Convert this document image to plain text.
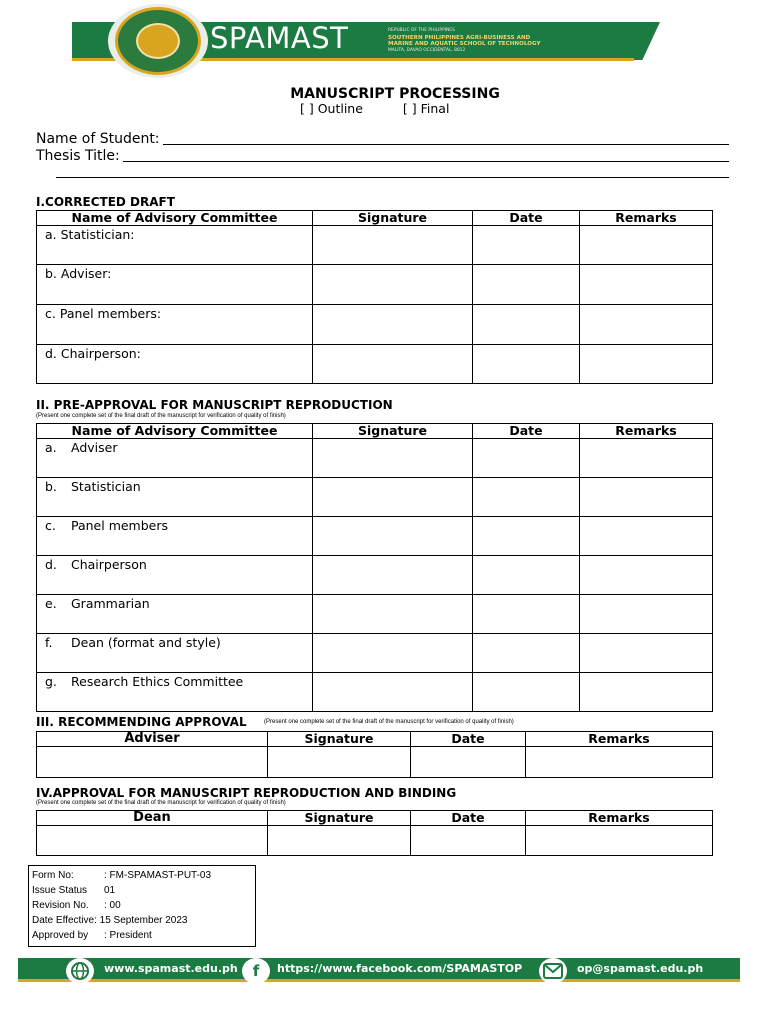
SPAMAST	REPUBLIC OF THE PHILIPPINES
SOUTHERN PHILIPPINES AGRI-BUSINESS AND
MARINE AND AQUATIC SCHOOL OF TECHNOLOGY
MALITA, DAVAO OCCIDENTAL, 8012
MANUSCRIPT PROCESSING
[ ] Outline	[ ] Final
Name of Student:
Thesis Title:
I.CORRECTED DRAFT
Name of Advisory Committee	Signature	Date	Remarks
a. Statistician:			
b. Adviser:			
c. Panel members:			
d. Chairperson:			
II. PRE-APPROVAL FOR MANUSCRIPT REPRODUCTION
(Present one complete set of the final draft of the manuscript for verification of quality of finish)
Name of Advisory Committee	Signature	Date	Remarks
a. Adviser			
b. Statistician			
c. Panel members			
d. Chairperson			
e. Grammarian			
f. Dean (format and style)			
g. Research Ethics Committee			
III. RECOMMENDING APPROVAL	(Present one complete set of the final draft of the manuscript for verification of quality of finish)
Adviser	Signature	Date	Remarks

IV.APPROVAL FOR MANUSCRIPT REPRODUCTION AND BINDING
(Present one complete set of the final draft of the manuscript for verification of quality of finish)
Dean	Signature	Date	Remarks

Form No:	: FM-SPAMAST-PUT-03
Issue Status 01
Revision No. : 00
Date Effective: 15 September 2023
Approved by : President
www.spamast.edu.ph	f	https://www.facebook.com/SPAMASTOP	op@spamast.edu.ph
